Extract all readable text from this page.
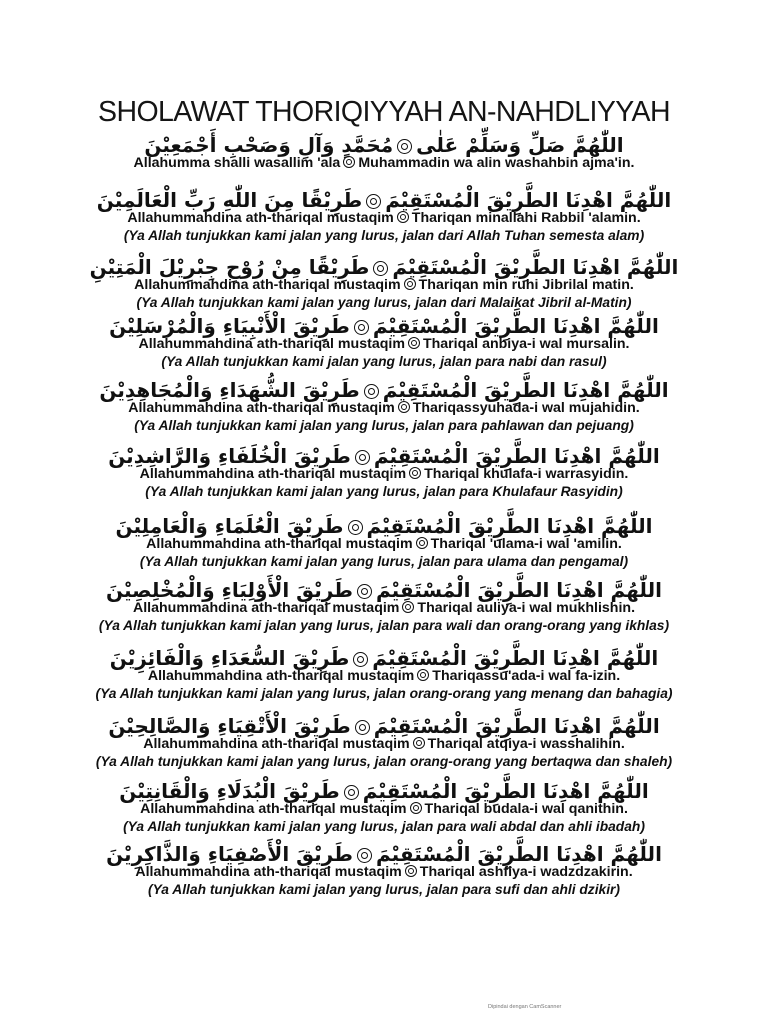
SHOLAWAT THORIQIYYAH AN-NAHDLIYYAH
اللّٰهُمَّ صَلِّ وَسَلِّمْ عَلٰىمُحَمَّدٍ وَآلِ وَصَحْبِ أَجْمَعِيْنَ
Allahumma shalli wasallim 'ala Muhammadin wa alin washahbin ajma'in.
اللّٰهُمَّ اهْدِنَا الطَّرِيْقَ الْمُسْتَقِيْمَطَرِيْقًا مِنَ اللّٰهِ رَبِّ الْعَالَمِيْنَ
Allahummahdina ath-thariqal mustaqim Thariqan minallahi Rabbil 'alamin.
(Ya Allah tunjukkan kami jalan yang lurus, jalan dari Allah Tuhan semesta alam)
اللّٰهُمَّ اهْدِنَا الطَّرِيْقَ الْمُسْتَقِيْمَطَرِيْقًا مِنْ رُوْحِ جِبْرِيْلَ الْمَتِيْنِ
Allahummahdina ath-thariqal mustaqim Thariqan min ruhi Jibrilal matin.
(Ya Allah tunjukkan kami jalan yang lurus, jalan dari Malaikat Jibril al-Matin)
اللّٰهُمَّ اهْدِنَا الطَّرِيْقَ الْمُسْتَقِيْمَطَرِيْقَ الْأَنْبِيَاءِ وَالْمُرْسَلِيْنَ
Allahummahdina ath-thariqal mustaqim Thariqal anbiya-i wal mursalin.
(Ya Allah tunjukkan kami jalan yang lurus, jalan para nabi dan rasul)
اللّٰهُمَّ اهْدِنَا الطَّرِيْقَ الْمُسْتَقِيْمَطَرِيْقَ الشُّهَدَاءِ وَالْمُجَاهِدِيْنَ
Allahummahdina ath-thariqal mustaqim Thariqassyuhada-i wal mujahidin.
(Ya Allah tunjukkan kami jalan yang lurus, jalan para pahlawan dan pejuang)
اللّٰهُمَّ اهْدِنَا الطَّرِيْقَ الْمُسْتَقِيْمَطَرِيْقَ الْخُلَفَاءِ وَالرَّاشِدِيْنَ
Allahummahdina ath-thariqal mustaqim Thariqal khulafa-i warrasyidin.
(Ya Allah tunjukkan kami jalan yang lurus, jalan para Khulafaur Rasyidin)
اللّٰهُمَّ اهْدِنَا الطَّرِيْقَ الْمُسْتَقِيْمَطَرِيْقَ الْعُلَمَاءِ وَالْعَامِلِيْنَ
Allahummahdina ath-thariqal mustaqim Thariqal 'ulama-i wal 'amilin.
(Ya Allah tunjukkan kami jalan yang lurus, jalan para ulama dan pengamal)
اللّٰهُمَّ اهْدِنَا الطَّرِيْقَ الْمُسْتَقِيْمَطَرِيْقَ الْأَوْلِيَاءِ وَالْمُخْلِصِيْنَ
Allahummahdina ath-thariqal mustaqim Thariqal auliya-i wal mukhlishin.
(Ya Allah tunjukkan kami jalan yang lurus, jalan para wali dan orang-orang yang ikhlas)
اللّٰهُمَّ اهْدِنَا الطَّرِيْقَ الْمُسْتَقِيْمَطَرِيْقَ السُّعَدَاءِ وَالْفَائِزِيْنَ
Allahummahdina ath-thariqal mustaqim Thariqassu'ada-i wal fa-izin.
(Ya Allah tunjukkan kami jalan yang lurus, jalan orang-orang yang menang dan bahagia)
اللّٰهُمَّ اهْدِنَا الطَّرِيْقَ الْمُسْتَقِيْمَطَرِيْقَ الْأَتْقِيَاءِ وَالصَّالِحِيْنَ
Allahummahdina ath-thariqal mustaqim Thariqal atqiya-i wasshalihin.
(Ya Allah tunjukkan kami jalan yang lurus, jalan orang-orang yang bertaqwa dan shaleh)
اللّٰهُمَّ اهْدِنَا الطَّرِيْقَ الْمُسْتَقِيْمَطَرِيْقَ الْبُدَلَاءِ وَالْقَانِتِيْنَ
Allahummahdina ath-thariqal mustaqim Thariqal budala-i wal qanithin.
(Ya Allah tunjukkan kami jalan yang lurus, jalan para wali abdal dan ahli ibadah)
اللّٰهُمَّ اهْدِنَا الطَّرِيْقَ الْمُسْتَقِيْمَطَرِيْقَ الْأَصْفِيَاءِ وَالذَّاكِرِيْنَ
Allahummahdina ath-thariqal mustaqim Thariqal ashfiya-i wadzdzakirin.
(Ya Allah tunjukkan kami jalan yang lurus, jalan para sufi dan ahli dzikir)
Dipindai dengan CamScanner
